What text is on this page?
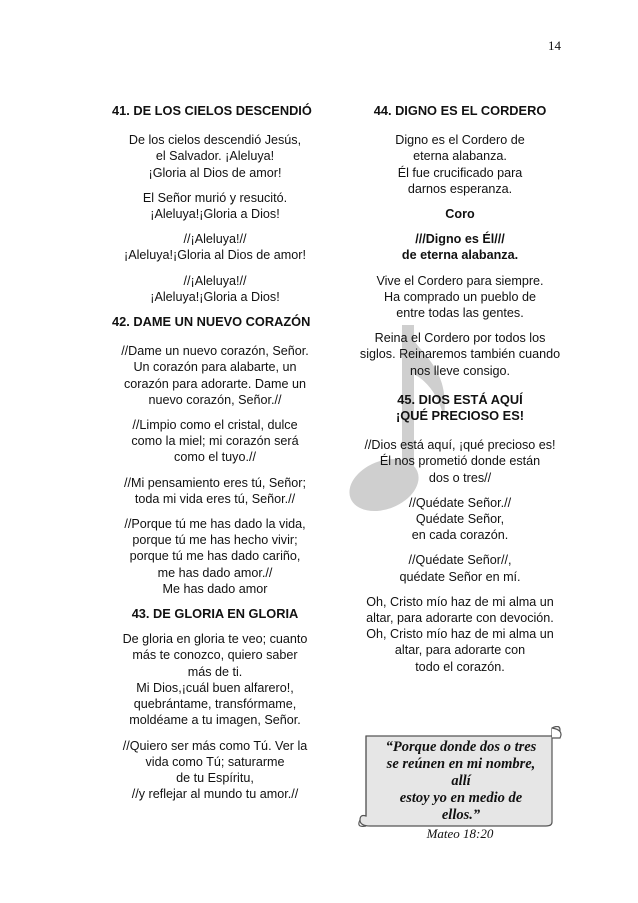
14

41. DE LOS CIELOS DESCENDIÓ

De los cielos descendió Jesús,
el Salvador. ¡Aleluya!
¡Gloria al Dios de amor!

El Señor murió y resucitó.
¡Aleluya!¡Gloria a Dios!

//¡Aleluya!//
¡Aleluya!¡Gloria al Dios de amor!

//¡Aleluya!//
¡Aleluya!¡Gloria a Dios!

42. DAME UN NUEVO CORAZÓN

//Dame un nuevo corazón, Señor.
Un corazón para alabarte, un
corazón para adorarte. Dame un
nuevo corazón, Señor.//

//Limpio como el cristal, dulce
como la miel; mi corazón será
como el tuyo.//

//Mi pensamiento eres tú, Señor;
toda mi vida eres tú, Señor.//

//Porque tú me has dado la vida,
porque tú me has hecho vivir;
porque tú me has dado cariño,
me has dado amor.//
Me has dado amor

43. DE GLORIA EN GLORIA

De gloria en gloria te veo; cuanto
más te conozco, quiero saber
más de ti.
Mi Dios,¡cuál buen alfarero!,
quebrántame, transfórmame,
moldéame a tu imagen, Señor.

//Quiero ser más como Tú. Ver la
vida como Tú; saturarme
de tu Espíritu,
//y reflejar al mundo tu amor.//

44. DIGNO ES EL CORDERO

Digno es el Cordero de
eterna alabanza.
Él fue crucificado para
darnos esperanza.

Coro

///Digno es Él///
de eterna alabanza.

Vive el Cordero para siempre.
Ha comprado un pueblo de
entre todas las gentes.

Reina el Cordero por todos los
siglos. Reinaremos también cuando
nos lleve consigo.

45. DIOS ESTÁ AQUÍ
¡QUÉ PRECIOSO ES!

//Dios está aquí, ¡qué precioso es!
Él nos prometió donde están
dos o tres//

//Quédate Señor.//
Quédate Señor,
en cada corazón.

//Quédate Señor//,
quédate Señor en mí.

Oh, Cristo mío haz de mi alma un
altar, para adorarte con devoción.
Oh, Cristo mío haz de mi alma un
altar, para adorarte con
todo el corazón.

“Porque donde dos o tres
se reúnen en mi nombre,
allí
estoy yo en medio de
ellos.”
Mateo 18:20
